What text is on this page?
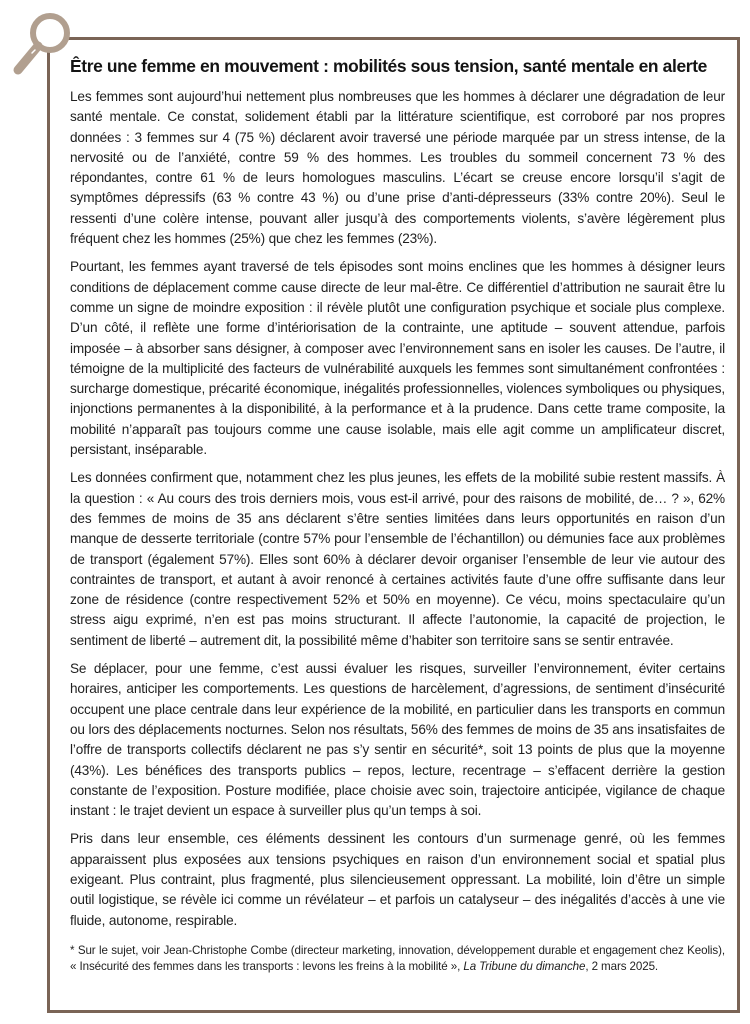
Être une femme en mouvement : mobilités sous tension, santé mentale en alerte

Les femmes sont aujourd’hui nettement plus nombreuses que les hommes à déclarer une dégradation de leur santé mentale. Ce constat, solidement établi par la littérature scientifique, est corroboré par nos propres données : 3 femmes sur 4 (75 %) déclarent avoir traversé une période marquée par un stress intense, de la nervosité ou de l’anxiété, contre 59 % des hommes. Les troubles du sommeil concernent 73 % des répondantes, contre 61 % de leurs homologues masculins. L’écart se creuse encore lorsqu’il s’agit de symptômes dépressifs (63 % contre 43 %) ou d’une prise d’anti-dépresseurs (33% contre 20%). Seul le ressenti d’une colère intense, pouvant aller jusqu’à des comportements violents, s’avère légèrement plus fréquent chez les hommes (25%) que chez les femmes (23%).

Pourtant, les femmes ayant traversé de tels épisodes sont moins enclines que les hommes à désigner leurs conditions de déplacement comme cause directe de leur mal-être. Ce différentiel d’attribution ne saurait être lu comme un signe de moindre exposition : il révèle plutôt une configuration psychique et sociale plus complexe. D’un côté, il reflète une forme d’intériorisation de la contrainte, une aptitude – souvent attendue, parfois imposée – à absorber sans désigner, à composer avec l’environnement sans en isoler les causes. De l’autre, il témoigne de la multiplicité des facteurs de vulnérabilité auxquels les femmes sont simultanément confrontées : surcharge domestique, précarité économique, inégalités professionnelles, violences symboliques ou physiques, injonctions permanentes à la disponibilité, à la performance et à la prudence. Dans cette trame composite, la mobilité n’apparaît pas toujours comme une cause isolable, mais elle agit comme un amplificateur discret, persistant, inséparable.

Les données confirment que, notamment chez les plus jeunes, les effets de la mobilité subie restent massifs. À la question : « Au cours des trois derniers mois, vous est-il arrivé, pour des raisons de mobilité, de… ? », 62% des femmes de moins de 35 ans déclarent s’être senties limitées dans leurs opportunités en raison d’un manque de desserte territoriale (contre 57% pour l’ensemble de l’échantillon) ou démunies face aux problèmes de transport (également 57%). Elles sont 60% à déclarer devoir organiser l’ensemble de leur vie autour des contraintes de transport, et autant à avoir renoncé à certaines activités faute d’une offre suffisante dans leur zone de résidence (contre respectivement 52% et 50% en moyenne). Ce vécu, moins spectaculaire qu’un stress aigu exprimé, n’en est pas moins structurant. Il affecte l’autonomie, la capacité de projection, le sentiment de liberté – autrement dit, la possibilité même d’habiter son territoire sans se sentir entravée.

Se déplacer, pour une femme, c’est aussi évaluer les risques, surveiller l’environnement, éviter certains horaires, anticiper les comportements. Les questions de harcèlement, d’agressions, de sentiment d’insécurité occupent une place centrale dans leur expérience de la mobilité, en particulier dans les transports en commun ou lors des déplacements nocturnes. Selon nos résultats, 56% des femmes de moins de 35 ans insatisfaites de l’offre de transports collectifs déclarent ne pas s’y sentir en sécurité*, soit 13 points de plus que la moyenne (43%). Les bénéfices des transports publics – repos, lecture, recentrage – s’effacent derrière la gestion constante de l’exposition. Posture modifiée, place choisie avec soin, trajectoire anticipée, vigilance de chaque instant : le trajet devient un espace à surveiller plus qu’un temps à soi.

Pris dans leur ensemble, ces éléments dessinent les contours d’un surmenage genré, où les femmes apparaissent plus exposées aux tensions psychiques en raison d’un environnement social et spatial plus exigeant. Plus contraint, plus fragmenté, plus silencieusement oppressant. La mobilité, loin d’être un simple outil logistique, se révèle ici comme un révélateur – et parfois un catalyseur – des inégalités d’accès à une vie fluide, autonome, respirable.

* Sur le sujet, voir Jean-Christophe Combe (directeur marketing, innovation, développement durable et engagement chez Keolis), « Insécurité des femmes dans les transports : levons les freins à la mobilité », La Tribune du dimanche, 2 mars 2025.
